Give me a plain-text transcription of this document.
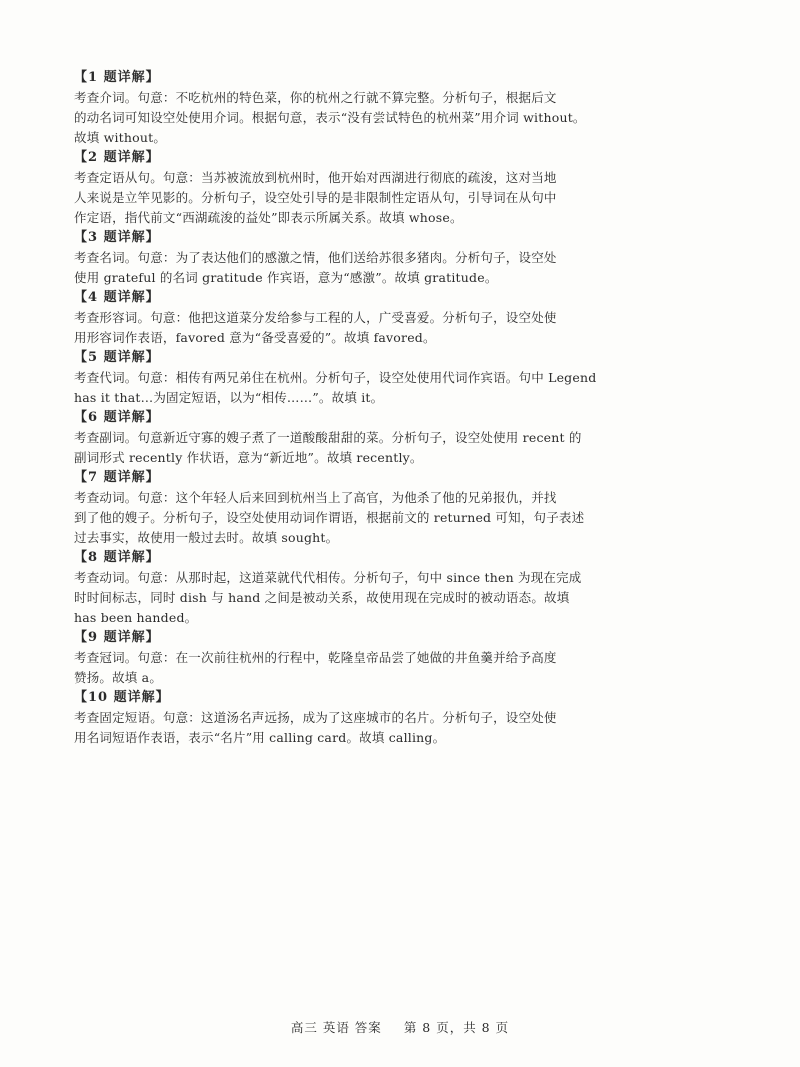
【1 题详解】
考查介词。句意：不吃杭州的特色菜，你的杭州之行就不算完整。分析句子，根据后文
的动名词可知设空处使用介词。根据句意，表示“没有尝试特色的杭州菜”用介词 without。
故填 without。
【2 题详解】
考查定语从句。句意：当苏被流放到杭州时，他开始对西湖进行彻底的疏浚，这对当地
人来说是立竿见影的。分析句子，设空处引导的是非限制性定语从句，引导词在从句中
作定语，指代前文“西湖疏浚的益处”即表示所属关系。故填 whose。
【3 题详解】
考查名词。句意：为了表达他们的感激之情，他们送给苏很多猪肉。分析句子，设空处
使用 grateful 的名词 gratitude 作宾语，意为“感激”。故填 gratitude。
【4 题详解】
考查形容词。句意：他把这道菜分发给参与工程的人，广受喜爱。分析句子，设空处使
用形容词作表语，favored 意为“备受喜爱的”。故填 favored。
【5 题详解】
考查代词。句意：相传有两兄弟住在杭州。分析句子，设空处使用代词作宾语。句中 Legend
has it that…为固定短语，以为“相传……”。故填 it。
【6 题详解】
考查副词。句意新近守寡的嫂子煮了一道酸酸甜甜的菜。分析句子，设空处使用 recent 的
副词形式 recently 作状语，意为“新近地”。故填 recently。
【7 题详解】
考查动词。句意：这个年轻人后来回到杭州当上了高官，为他杀了他的兄弟报仇，并找
到了他的嫂子。分析句子，设空处使用动词作谓语，根据前文的 returned 可知，句子表述
过去事实，故使用一般过去时。故填 sought。
【8 题详解】
考查动词。句意：从那时起，这道菜就代代相传。分析句子，句中 since then 为现在完成
时时间标志，同时 dish 与 hand 之间是被动关系，故使用现在完成时的被动语态。故填
has been handed。
【9 题详解】
考查冠词。句意：在一次前往杭州的行程中，乾隆皇帝品尝了她做的井鱼羹并给予高度
赞扬。故填 a。
【10 题详解】
考查固定短语。句意：这道汤名声远扬，成为了这座城市的名片。分析句子，设空处使
用名词短语作表语，表示“名片”用 calling card。故填 calling。
高三 英语 答案 第 8 页，共 8 页
